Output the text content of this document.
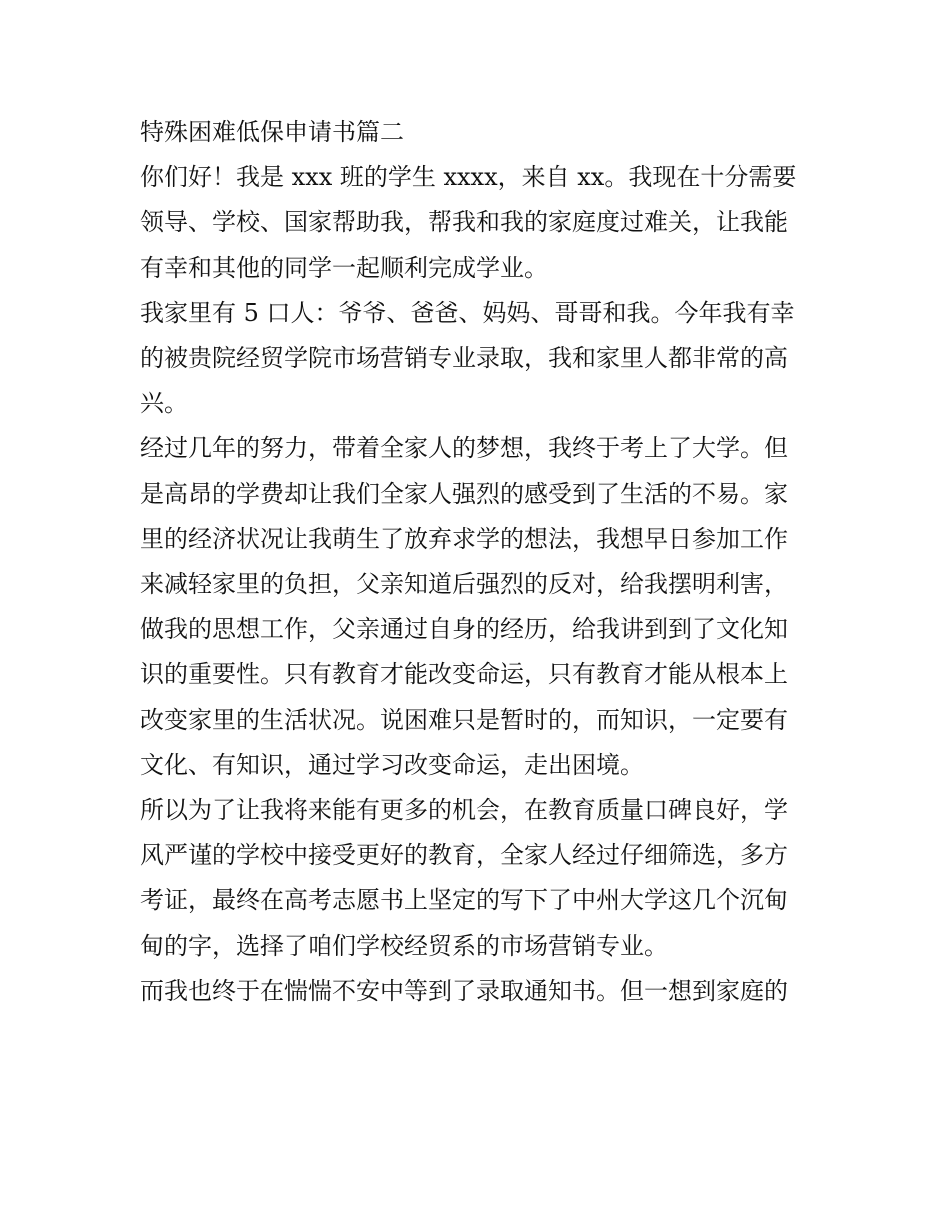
特殊困难低保申请书篇二

你们好！我是 xxx 班的学生 xxxx，来自 xx。我现在十分需要

领导、学校、国家帮助我，帮我和我的家庭度过难关，让我能

有幸和其他的同学一起顺利完成学业。

我家里有 5 口人：爷爷、爸爸、妈妈、哥哥和我。今年我有幸

的被贵院经贸学院市场营销专业录取，我和家里人都非常的高

兴。

经过几年的努力，带着全家人的梦想，我终于考上了大学。但

是高昂的学费却让我们全家人强烈的感受到了生活的不易。家

里的经济状况让我萌生了放弃求学的想法，我想早日参加工作

来减轻家里的负担，父亲知道后强烈的反对，给我摆明利害，

做我的思想工作，父亲通过自身的经历，给我讲到到了文化知

识的重要性。只有教育才能改变命运，只有教育才能从根本上

改变家里的生活状况。说困难只是暂时的，而知识，一定要有

文化、有知识，通过学习改变命运，走出困境。

所以为了让我将来能有更多的机会，在教育质量口碑良好，学

风严谨的学校中接受更好的教育，全家人经过仔细筛选，多方

考证，最终在高考志愿书上坚定的写下了中州大学这几个沉甸

甸的字，选择了咱们学校经贸系的市场营销专业。

而我也终于在惴惴不安中等到了录取通知书。但一想到家庭的
